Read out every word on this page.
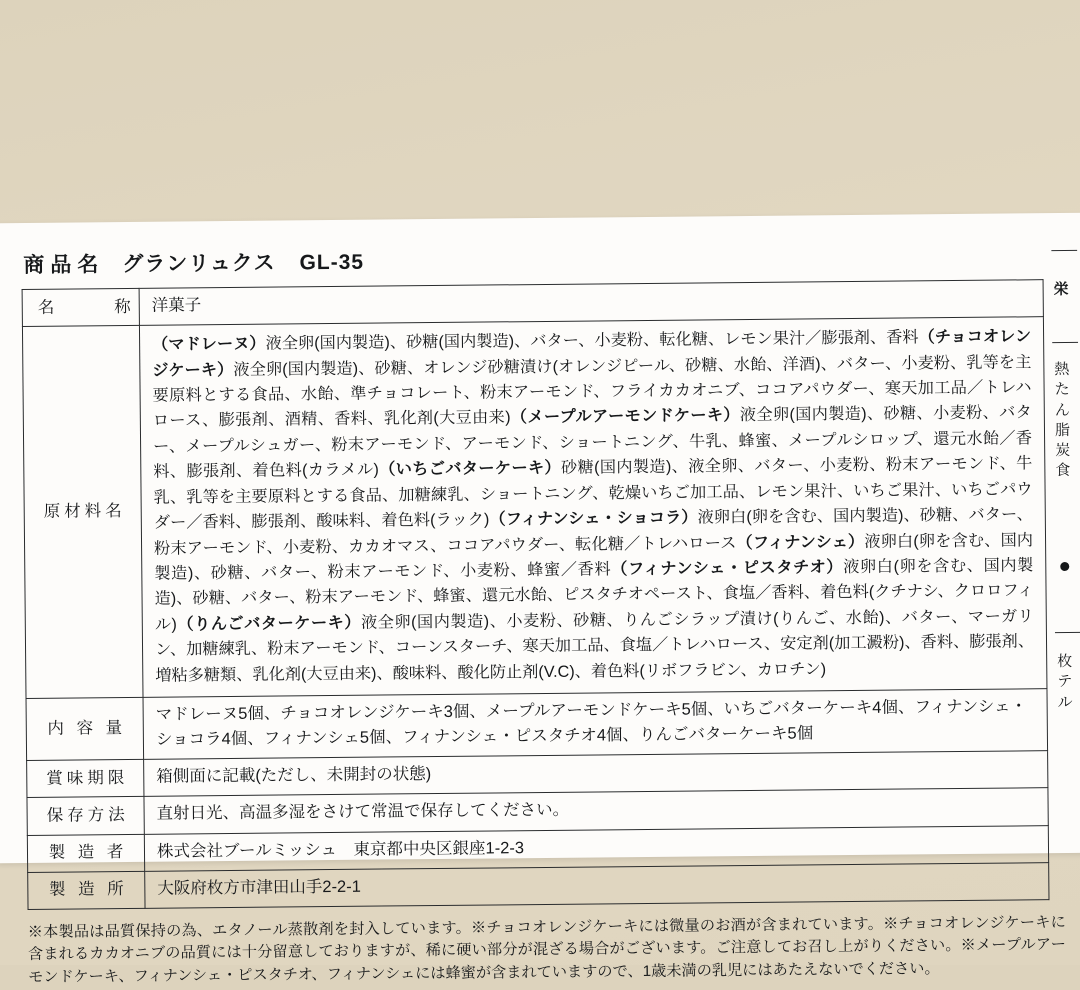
商品名 グランリュクス GL-35
名　　称	洋菓子
原材料名	（マドレーヌ）液全卵(国内製造)、砂糖(国内製造)、バター、小麦粉、転化糖、レモン果汁／膨張剤、香料（チョコオレンジケーキ）液全卵(国内製造)、砂糖、オレンジ砂糖漬け(オレンジピール、砂糖、水飴、洋酒)、バター、小麦粉、乳等を主要原料とする食品、水飴、準チョコレート、粉末アーモンド、フライカカオニブ、ココアパウダー、寒天加工品／トレハロース、膨張剤、酒精、香料、乳化剤(大豆由来)（メープルアーモンドケーキ）液全卵(国内製造)、砂糖、小麦粉、バター、メープルシュガー、粉末アーモンド、アーモンド、ショートニング、牛乳、蜂蜜、メープルシロップ、還元水飴／香料、膨張剤、着色料(カラメル)（いちごバターケーキ）砂糖(国内製造)、液全卵、バター、小麦粉、粉末アーモンド、牛乳、乳等を主要原料とする食品、加糖練乳、ショートニング、乾燥いちご加工品、レモン果汁、いちご果汁、いちごパウダー／香料、膨張剤、酸味料、着色料(ラック)（フィナンシェ・ショコラ）液卵白(卵を含む、国内製造)、砂糖、バター、粉末アーモンド、小麦粉、カカオマス、ココアパウダー、転化糖／トレハロース（フィナンシェ）液卵白(卵を含む、国内製造)、砂糖、バター、粉末アーモンド、小麦粉、蜂蜜／香料（フィナンシェ・ピスタチオ）液卵白(卵を含む、国内製造)、砂糖、バター、粉末アーモンド、蜂蜜、還元水飴、ピスタチオペースト、食塩／香料、着色料(クチナシ、クロロフィル)（りんごバターケーキ）液全卵(国内製造)、小麦粉、砂糖、りんごシラップ漬け(りんご、水飴)、バター、マーガリン、加糖練乳、粉末アーモンド、コーンスターチ、寒天加工品、食塩／トレハロース、安定剤(加工澱粉)、香料、膨張剤、増粘多糖類、乳化剤(大豆由来)、酸味料、酸化防止剤(V.C)、着色料(リボフラビン、カロチン)
内 容 量	マドレーヌ5個、チョコオレンジケーキ3個、メープルアーモンドケーキ5個、いちごバターケーキ4個、フィナンシェ・ショコラ4個、フィナンシェ5個、フィナンシェ・ピスタチオ4個、りんごバターケーキ5個
賞味期限	箱側面に記載(ただし、未開封の状態)
保存方法	直射日光、高温多湿をさけて常温で保存してください。
製 造 者	株式会社ブールミッシュ　東京都中央区銀座1-2-3
製 造 所	大阪府枚方市津田山手2-2-1
※本製品は品質保持の為、エタノール蒸散剤を封入しています。※チョコオレンジケーキには微量のお酒が含まれています。※チョコオレンジケーキに含まれるカカオニブの品質には十分留意しておりますが、稀に硬い部分が混ざる場合がございます。ご注意してお召し上がりください。※メープルアーモンドケーキ、フィナンシェ・ピスタチオ、フィナンシェには蜂蜜が含まれていますので、1歳未満の乳児にはあたえないでください。
栄
熱
た
ん
脂
炭
食
枚
テ
ル
